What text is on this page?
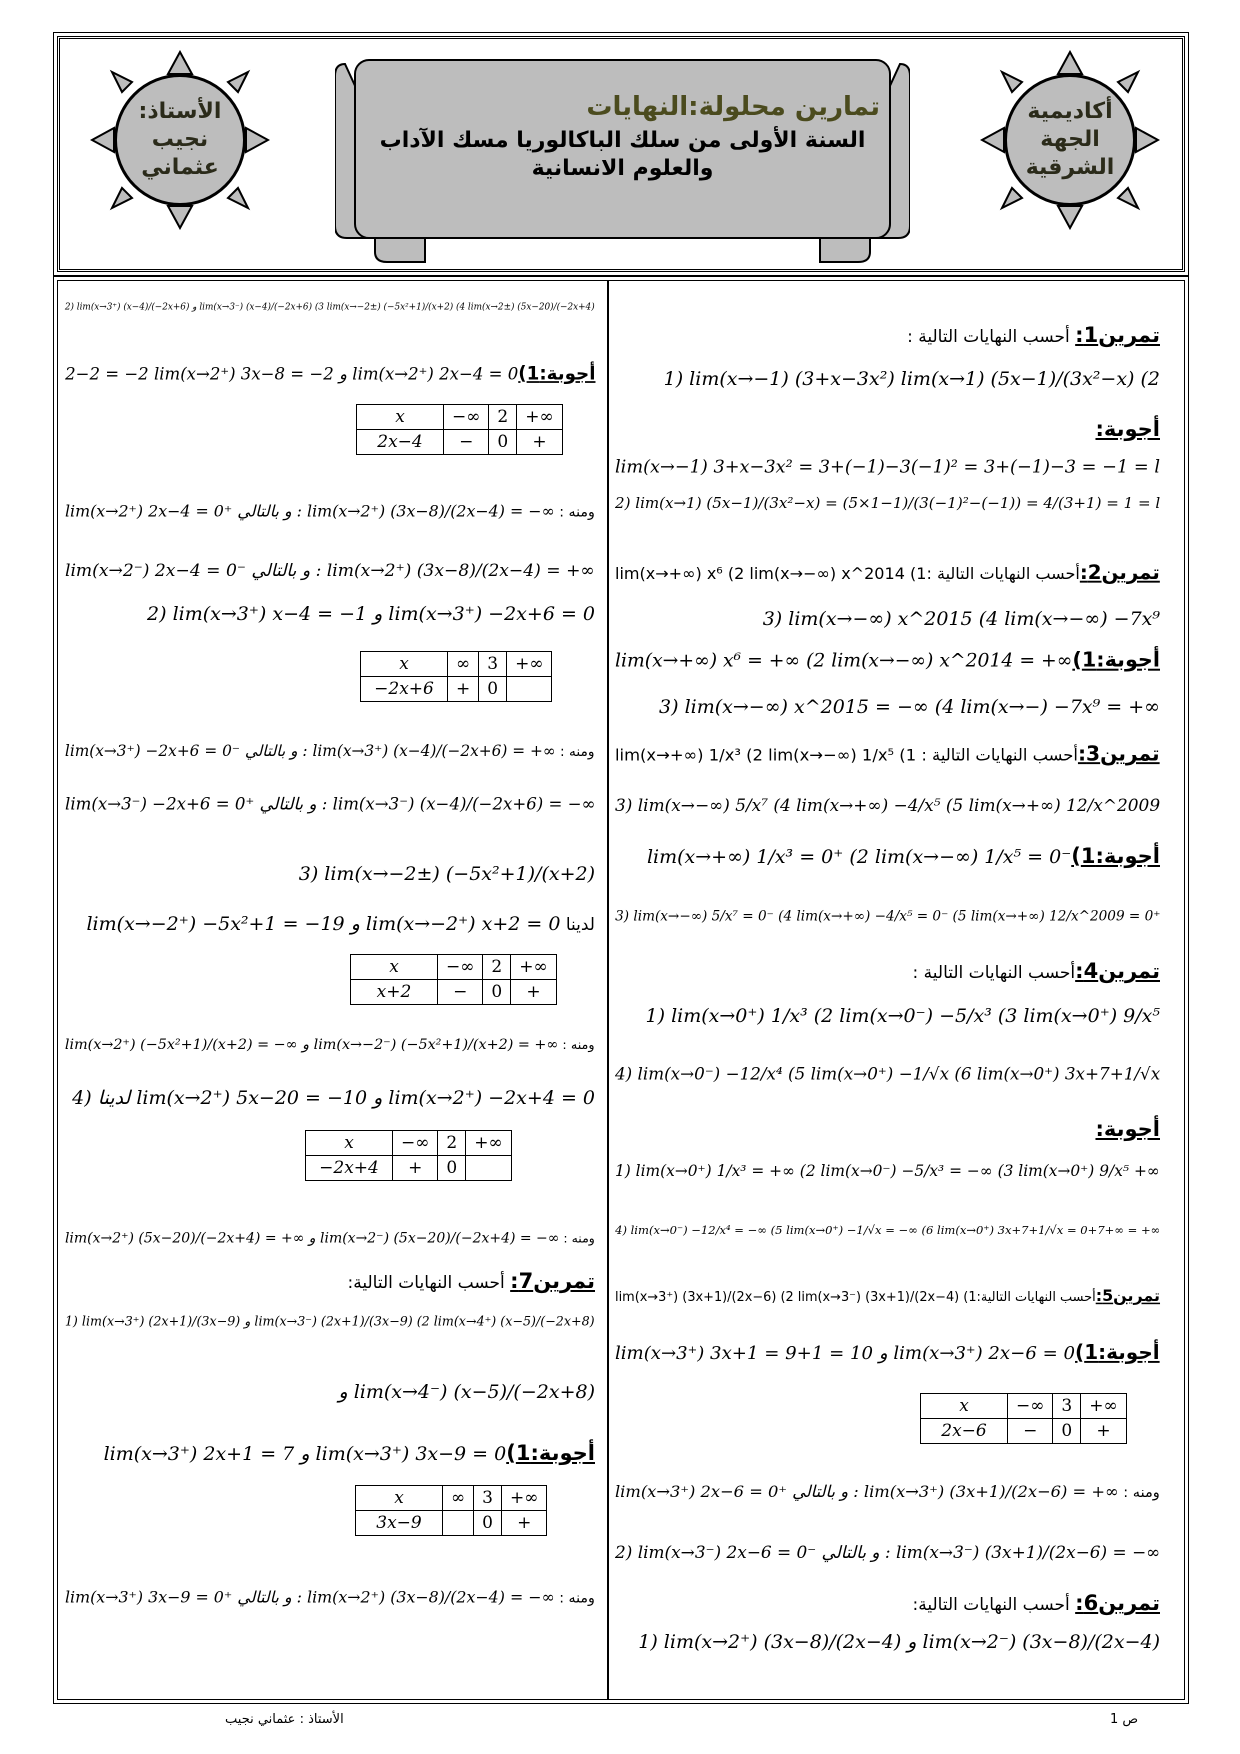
الأستاذ: نجيب عثماني
أكاديمية الجهة الشرقية
تمارين محلولة:النهايات
السنة الأولى من سلك الباكالوريا مسك الآداب
والعلوم الانسانية
تمرين1: أحسب النهايات التالية :
1) lim(x→−1) (3+x−3x²) lim(x→1) (5x−1)/(3x²−x) (2
أجوبة:
lim(x→−1) 3+x−3x² = 3+(−1)−3(−1)² = 3+(−1)−3 = −1 = l
2) lim(x→1) (5x−1)/(3x²−x) = (5×1−1)/(3(−1)²−(−1)) = 4/(3+1) = 1 = l
تمرين2:أحسب النهايات التالية :1) lim(x→+∞) x⁶ (2 lim(x→−∞) x^2014
3) lim(x→−∞) x^2015 (4 lim(x→−∞) −7x⁹
أجوبة:1)lim(x→+∞) x⁶ = +∞ (2 lim(x→−∞) x^2014 = +∞
3) lim(x→−∞) x^2015 = −∞ (4 lim(x→−) −7x⁹ = +∞
تمرين3:أحسب النهايات التالية : 1) lim(x→+∞) 1/x³ (2 lim(x→−∞) 1/x⁵
3) lim(x→−∞) 5/x⁷ (4 lim(x→+∞) −4/x⁵ (5 lim(x→+∞) 12/x^2009
أجوبة:1)lim(x→+∞) 1/x³ = 0⁺ (2 lim(x→−∞) 1/x⁵ = 0⁻
3) lim(x→−∞) 5/x⁷ = 0⁻ (4 lim(x→+∞) −4/x⁵ = 0⁻ (5 lim(x→+∞) 12/x^2009 = 0⁺
تمرين4:أحسب النهايات التالية :
1) lim(x→0⁺) 1/x³ (2 lim(x→0⁻) −5/x³ (3 lim(x→0⁺) 9/x⁵
4) lim(x→0⁻) −12/x⁴ (5 lim(x→0⁺) −1/√x (6 lim(x→0⁺) 3x+7+1/√x
أجوبة:
1) lim(x→0⁺) 1/x³ = +∞ (2 lim(x→0⁻) −5/x³ = −∞ (3 lim(x→0⁺) 9/x⁵ +∞
4) lim(x→0⁻) −12/x⁴ = −∞ (5 lim(x→0⁺) −1/√x = −∞ (6 lim(x→0⁺) 3x+7+1/√x = 0+7+∞ = +∞
تمرين5:أحسب النهايات التالية:1) lim(x→3⁺) (3x+1)/(2x−6) (2 lim(x→3⁻) (3x+1)/(2x−4)
أجوبة:1)lim(x→3⁺) 3x+1 = 9+1 = 10 و lim(x→3⁺) 2x−6 = 0
ومنه : lim(x→3⁺) 2x−6 = 0⁺ و بالتالي : lim(x→3⁺) (3x+1)/(2x−6) = +∞
2) lim(x→3⁻) 2x−6 = 0⁻ و بالتالي : lim(x→3⁻) (3x+1)/(2x−6) = −∞
تمرين6: أحسب النهايات التالية:
1) lim(x→2⁺) (3x−8)/(2x−4) و lim(x→2⁻) (3x−8)/(2x−4)
2) lim(x→3⁺) (x−4)/(−2x+6) و lim(x→3⁻) (x−4)/(−2x+6) (3 lim(x→−2±) (−5x²+1)/(x+2) (4 lim(x→2±) (5x−20)/(−2x+4)
أجوبة:1)2−2 = −2 lim(x→2⁺) 3x−8 = −2 و lim(x→2⁺) 2x−4 = 0
ومنه : lim(x→2⁺) 2x−4 = 0⁺ و بالتالي : lim(x→2⁺) (3x−8)/(2x−4) = −∞
lim(x→2⁻) 2x−4 = 0⁻ و بالتالي : lim(x→2⁺) (3x−8)/(2x−4) = +∞
2) lim(x→3⁺) x−4 = −1 و lim(x→3⁺) −2x+6 = 0
ومنه : lim(x→3⁺) −2x+6 = 0⁻ و بالتالي : lim(x→3⁺) (x−4)/(−2x+6) = +∞
lim(x→3⁻) −2x+6 = 0⁺ و بالتالي : lim(x→3⁻) (x−4)/(−2x+6) = −∞
3) lim(x→−2±) (−5x²+1)/(x+2)
لدينا lim(x→−2⁺) −5x²+1 = −19 و lim(x→−2⁺) x+2 = 0
ومنه : lim(x→2⁺) (−5x²+1)/(x+2) = −∞ و lim(x→−2⁻) (−5x²+1)/(x+2) = +∞
4) لدينا lim(x→2⁺) 5x−20 = −10 و lim(x→2⁺) −2x+4 = 0
ومنه : lim(x→2⁺) (5x−20)/(−2x+4) = +∞ و lim(x→2⁻) (5x−20)/(−2x+4) = −∞
تمرين7: أحسب النهايات التالية:
1) lim(x→3⁺) (2x+1)/(3x−9) و lim(x→3⁻) (2x+1)/(3x−9) (2 lim(x→4⁺) (x−5)/(−2x+8)
و lim(x→4⁻) (x−5)/(−2x+8)
أجوبة:1)lim(x→3⁺) 2x+1 = 7 و lim(x→3⁺) 3x−9 = 0
ومنه : lim(x→3⁺) 3x−9 = 0⁺ و بالتالي : lim(x→2⁺) (3x−8)/(2x−4) = −∞
x	−∞	2	+∞
2x−4	−	0	+
x	∞	3	+∞
−2x+6	+	0	
x	−∞	2	+∞
x+2	−	0	+
x	−∞	2	+∞
−2x+4	+	0	
x	∞	3	+∞
3x−9		0	+
x	−∞	3	+∞
2x−6	−	0	+
الأستاذ : عثماني نجيب	ص 1
